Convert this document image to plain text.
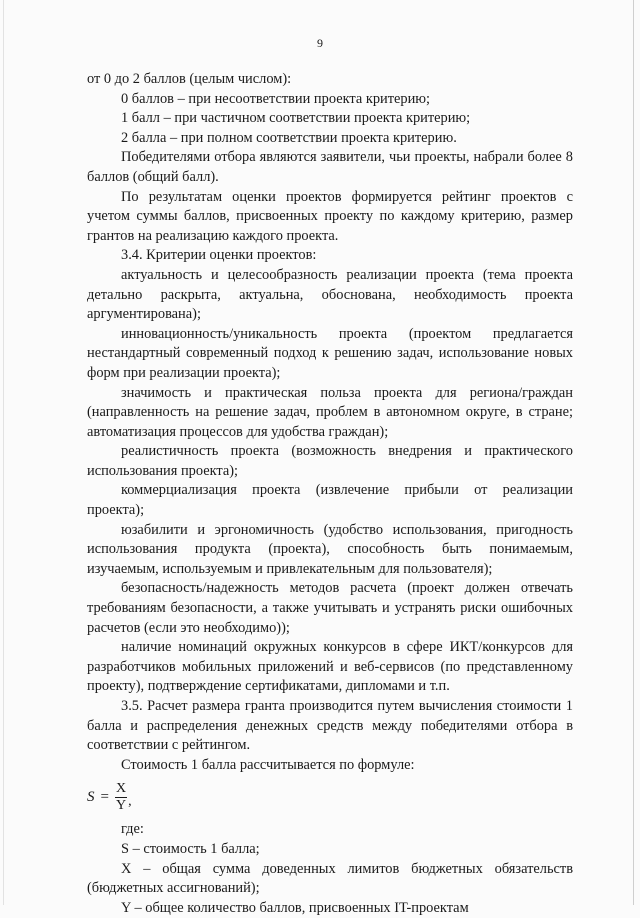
9

от 0 до 2 баллов (целым числом):

0 баллов – при несоответствии проекта критерию;

1 балл – при частичном соответствии проекта критерию;

2 балла – при полном соответствии проекта критерию.

Победителями отбора являются заявители, чьи проекты, набрали более 8 баллов (общий балл).

По результатам оценки проектов формируется рейтинг проектов с учетом суммы баллов, присвоенных проекту по каждому критерию, размер грантов на реализацию каждого проекта.

3.4. Критерии оценки проектов:

актуальность и целесообразность реализации проекта (тема проекта детально раскрыта, актуальна, обоснована, необходимость проекта аргументирована);

инновационность/уникальность проекта (проектом предлагается нестандартный современный подход к решению задач, использование новых форм при реализации проекта);

значимость и практическая польза проекта для региона/граждан (направленность на решение задач, проблем в автономном округе, в стране; автоматизация процессов для удобства граждан);

реалистичность проекта (возможность внедрения и практического использования проекта);

коммерциализация проекта (извлечение прибыли от реализации проекта);

юзабилити и эргономичность (удобство использования, пригодность использования продукта (проекта), способность быть понимаемым, изучаемым, используемым и привлекательным для пользователя);

безопасность/надежность методов расчета (проект должен отвечать требованиям безопасности, а также учитывать и устранять риски ошибочных расчетов (если это необходимо));

наличие номинаций окружных конкурсов в сфере ИКТ/конкурсов для разработчиков мобильных приложений и веб-сервисов (по представленному проекту), подтверждение сертификатами, дипломами и т.п.

3.5. Расчет размера гранта производится путем вычисления стоимости 1 балла и распределения денежных средств между победителями отбора в соответствии с рейтингом.

Стоимость 1 балла рассчитывается по формуле:

$S = \frac{X}{Y}$ ,

где:

S – стоимость 1 балла;

X – общая сумма доведенных лимитов бюджетных обязательств (бюджетных ассигнований);

Y – общее количество баллов, присвоенных IT-проектам
